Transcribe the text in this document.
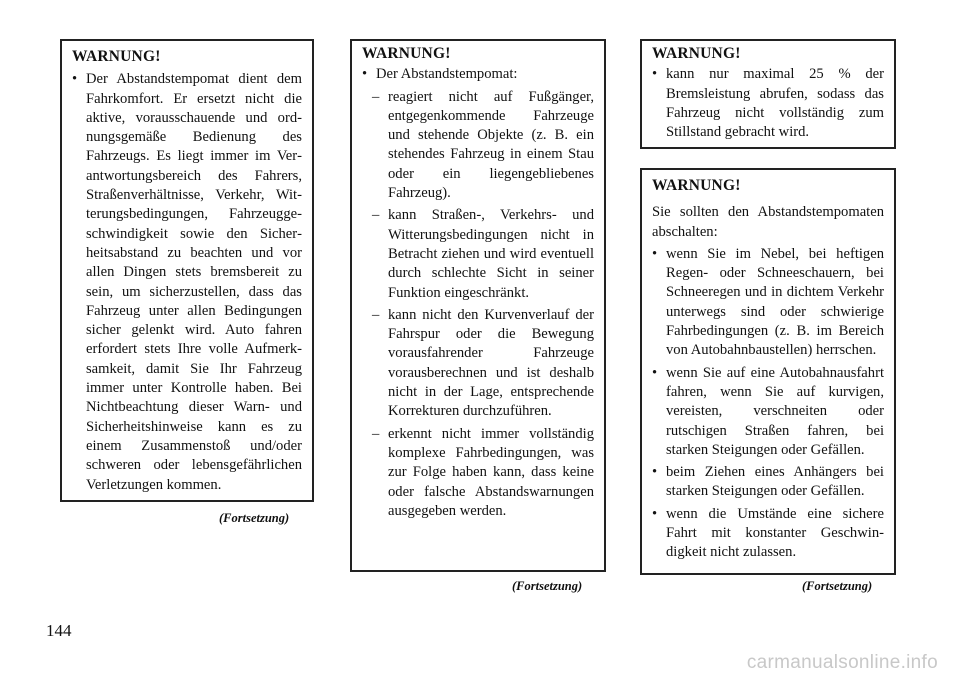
WARNUNG!
• Der Abstandstempomat dient dem Fahrkomfort. Er ersetzt nicht die aktive, vorausschauende und ordnungsgemäße Bedienung des Fahrzeugs. Es liegt immer im Verantwortungsbereich des Fahrers, Straßenverhältnisse, Verkehr, Witterungsbedingungen, Fahrzeuggeschwindigkeit sowie den Sicherheitsabstand zu beachten und vor allen Dingen stets bremsbereit zu sein, um sicherzustellen, dass das Fahrzeug unter allen Bedingungen sicher gelenkt wird. Auto fahren erfordert stets Ihre volle Aufmerksamkeit, damit Sie Ihr Fahrzeug immer unter Kontrolle haben. Bei Nichtbeachtung dieser Warn- und Sicherheitshinweise kann es zu einem Zusammenstoß und/oder schweren oder lebensgefährlichen Verletzungen kommen.
(Fortsetzung)
WARNUNG!
• Der Abstandstempomat:
– reagiert nicht auf Fußgänger, entgegenkommende Fahrzeuge und stehende Objekte (z. B. ein stehendes Fahrzeug in einem Stau oder ein liegengebliebenes Fahrzeug).
– kann Straßen-, Verkehrs- und Witterungsbedingungen nicht in Betracht ziehen und wird eventuell durch schlechte Sicht in seiner Funktion eingeschränkt.
– kann nicht den Kurvenverlauf der Fahrspur oder die Bewegung vorausfahrender Fahrzeuge vorausberechnen und ist deshalb nicht in der Lage, entsprechende Korrekturen durchzuführen.
– erkennt nicht immer vollständig komplexe Fahrbedingungen, was zur Folge haben kann, dass keine oder falsche Abstandswarnungen ausgegeben werden.
(Fortsetzung)
WARNUNG!
• kann nur maximal 25 % der Bremsleistung abrufen, sodass das Fahrzeug nicht vollständig zum Stillstand gebracht wird.
WARNUNG!

Sie sollten den Abstandstempomaten abschalten:

• wenn Sie im Nebel, bei heftigen Regen- oder Schneeschauern, bei Schneeregen und in dichtem Verkehr unterwegs sind oder schwierige Fahrbedingungen (z. B. im Bereich von Autobahnbaustellen) herrschen.
• wenn Sie auf eine Autobahnausfahrt fahren, wenn Sie auf kurvigen, vereisten, verschneiten oder rutschigen Straßen fahren, bei starken Steigungen oder Gefällen.
• beim Ziehen eines Anhängers bei starken Steigungen oder Gefällen.
• wenn die Umstände eine sichere Fahrt mit konstanter Geschwindigkeit nicht zulassen.
(Fortsetzung)
144
carmanualsonline.info
